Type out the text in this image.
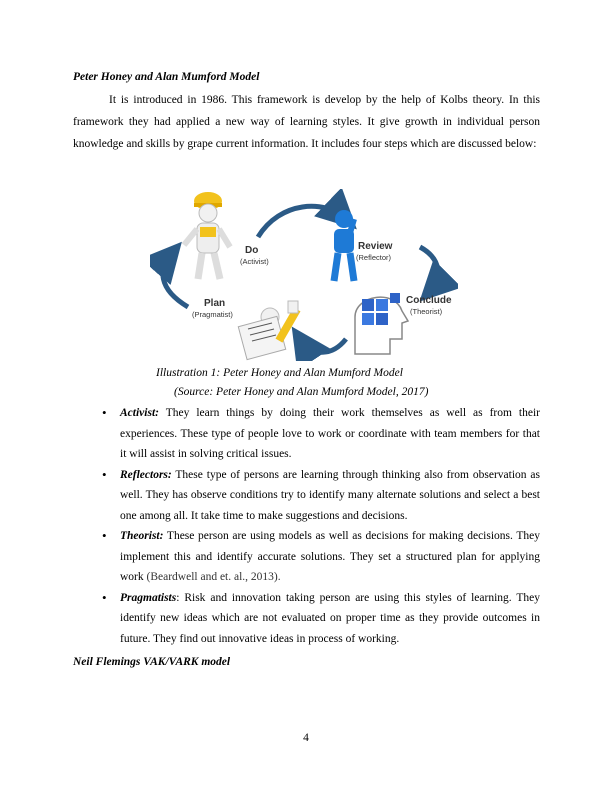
Peter Honey and Alan Mumford Model

It is introduced in 1986. This framework is develop by the help of Kolbs theory. In this framework they had applied a new way of learning styles. It give growth in individual person knowledge and skills by grape current information. It includes four steps which are discussed below:

Do
(Activist)
Review
(Reflector)
Conclude
(Theorist)
Plan
(Pragmatist)
Illustration 1: Peter Honey and Alan Mumford Model
(Source: Peter Honey and Alan Mumford Model, 2017)
• Activist: They learn things by doing their work themselves as well as from their experiences. These type of people love to work or coordinate with team members for that it will assist in solving critical issues.
• Reflectors: These type of persons are learning through thinking also from observation as well. They has observe conditions try to identify many alternate solutions and select a best one among all. It take time to make suggestions and decisions.
• Theorist: These person are using models as well as decisions for making decisions. They implement this and identify accurate solutions. They set a structured plan for applying work (Beardwell and et. al., 2013).
• Pragmatists: Risk and innovation taking person are using this styles of learning. They identify new ideas which are not evaluated on proper time as they provide outcomes in future. They find out innovative ideas in process of working.
Neil Flemings VAK/VARK model
4
